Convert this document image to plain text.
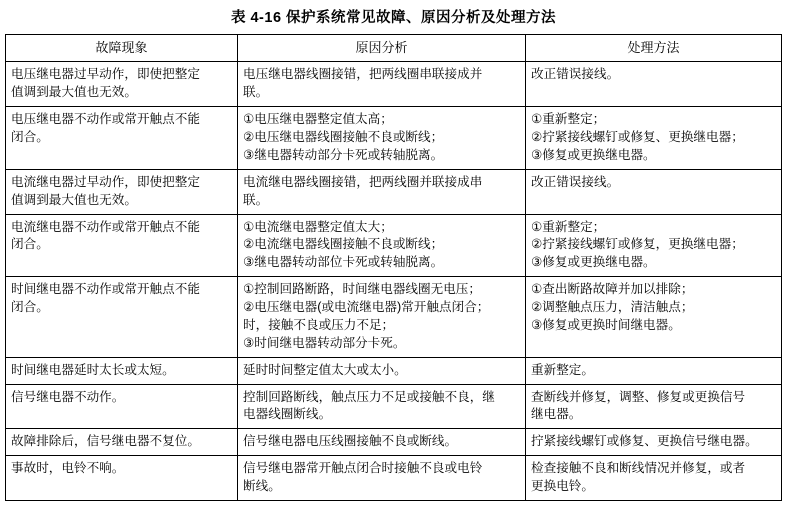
表 4-16 保护系统常见故障、原因分析及处理方法
故障现象	原因分析	处理方法

电压继电器过早动作，即使把整定
值调到最大值也无效。	电压继电器线圈接错，把两线圈串联接成并
联。	改正错误接线。

电压继电器不动作或常开触点不能
闭合。	①电压继电器整定值太高；
②电压继电器线圈接触不良或断线；
③继电器转动部分卡死或转轴脱离。	①重新整定；
②拧紧接线螺钉或修复、更换继电器；
③修复或更换继电器。

电流继电器过早动作，即使把整定
值调到最大值也无效。	电流继电器线圈接错，把两线圈并联接成串
联。	改正错误接线。

电流继电器不动作或常开触点不能
闭合。	①电流继电器整定值太大；
②电流继电器线圈接触不良或断线；
③继电器转动部位卡死或转轴脱离。	①重新整定；
②拧紧接线螺钉或修复，更换继电器；
③修复或更换继电器。

时间继电器不动作或常开触点不能
闭合。	①控制回路断路，时间继电器线圈无电压；
②电压继电器(或电流继电器)常开触点闭合；
时，接触不良或压力不足；
③时间继电器转动部分卡死。	①查出断路故障并加以排除；
②调整触点压力，清洁触点；
③修复或更换时间继电器。

时间继电器延时太长或太短。	延时时间整定值太大或太小。	重新整定。

信号继电器不动作。	控制回路断线，触点压力不足或接触不良，继
电器线圈断线。	查断线并修复，调整、修复或更换信号
继电器。

故障排除后，信号继电器不复位。	信号继电器电压线圈接触不良或断线。	拧紧接线螺钉或修复、更换信号继电器。

事故时，电铃不响。	信号继电器常开触点闭合时接触不良或电铃
断线。	检查接触不良和断线情况并修复，或者
更换电铃。
